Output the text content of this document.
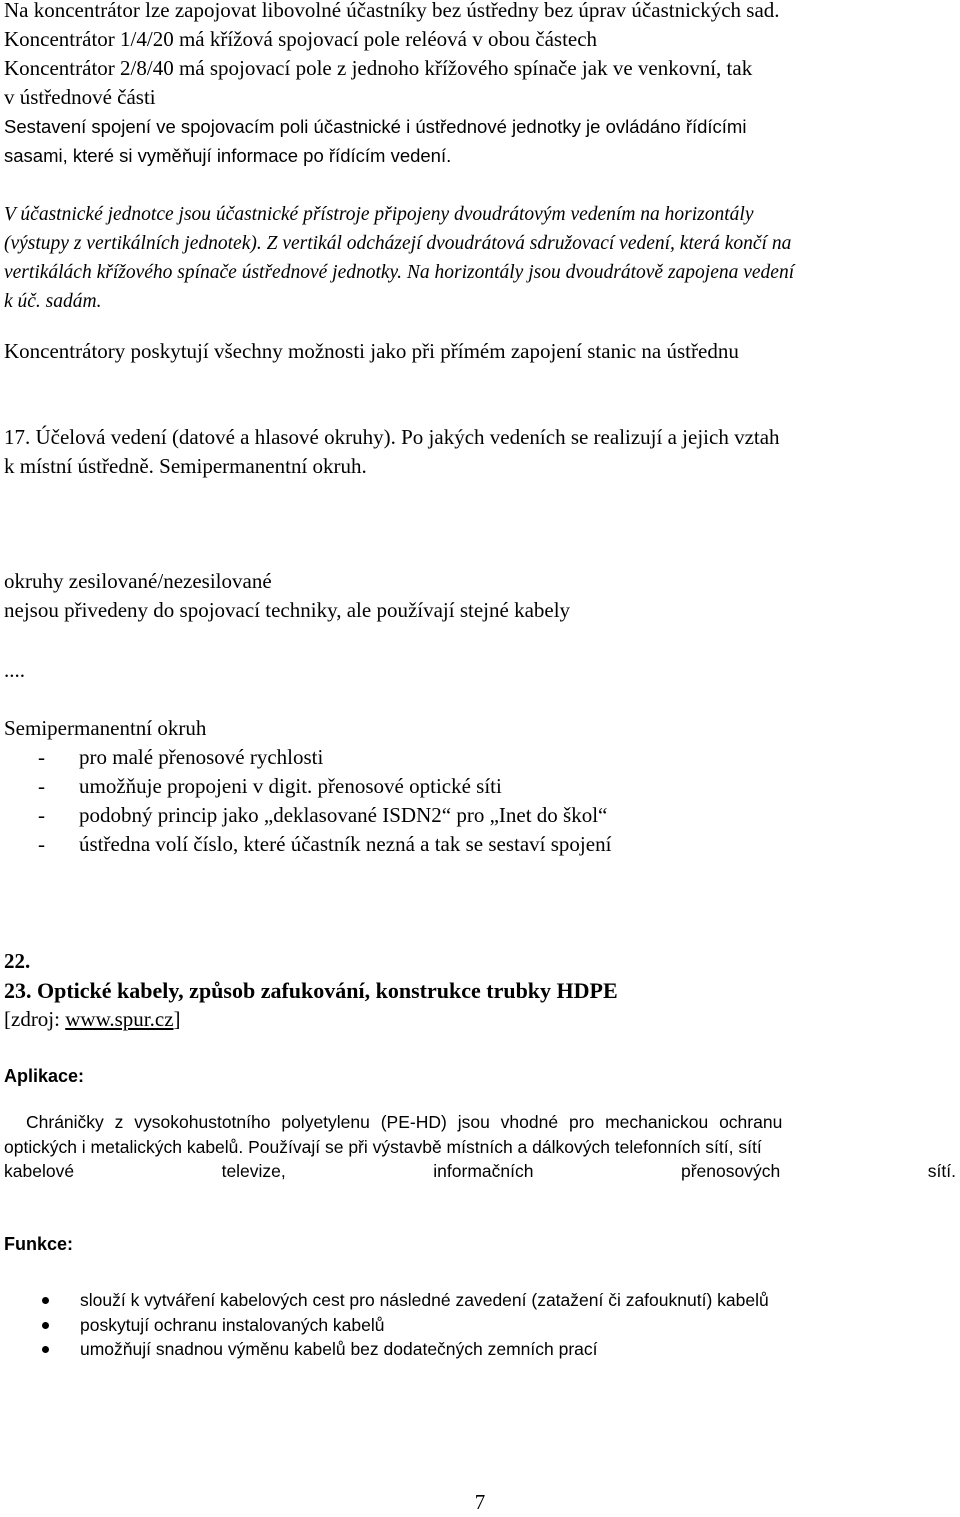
Na koncentrátor lze zapojovat libovolné účastníky bez ústředny bez úprav účastnických sad.
Koncentrátor 1/4/20 má křížová spojovací pole reléová v obou částech
Koncentrátor 2/8/40 má spojovací pole z jednoho křížového spínače jak ve venkovní, tak
v ústřednové části
Sestavení spojení ve spojovacím poli účastnické i ústřednové jednotky je ovládáno řídícími
sasami, které si vyměňují informace po řídícím vedení.
V účastnické jednotce jsou účastnické přístroje připojeny dvoudrátovým vedením na horizontály
(výstupy z vertikálních jednotek). Z vertikál odcházejí dvoudrátová sdružovací vedení, která končí na
vertikálách křížového spínače ústřednové jednotky. Na horizontály jsou dvoudrátově zapojena vedení
k úč. sadám.
Koncentrátory poskytují všechny možnosti jako při přímém zapojení stanic na ústřednu
17. Účelová vedení (datové a hlasové okruhy). Po jakých vedeních se realizují a jejich vztah
k místní ústředně. Semipermanentní okruh.
okruhy zesilované/nezesilované
nejsou přivedeny do spojovací techniky, ale používají stejné kabely
....
Semipermanentní okruh
- pro malé přenosové rychlosti
- umožňuje propojeni v digit. přenosové optické síti
- podobný princip jako „deklasované ISDN2“ pro „Inet do škol“
- ústředna volí číslo, které účastník nezná a tak se sestaví spojení
22.
23. Optické kabely, způsob zafukování, konstrukce trubky HDPE
[zdroj: www.spur.cz]
Aplikace:
Chráničky z vysokohustotního polyetylenu (PE-HD) jsou vhodné pro mechanickou ochranu
optických i metalických kabelů. Používají se při výstavbě místních a dálkových telefonních sítí, sítí
kabelové	televize,	informačních	přenosových	sítí.
Funkce:
slouží k vytváření kabelových cest pro následné zavedení (zatažení či zafouknutí) kabelů
poskytují ochranu instalovaných kabelů
umožňují snadnou výměnu kabelů bez dodatečných zemních prací
7
